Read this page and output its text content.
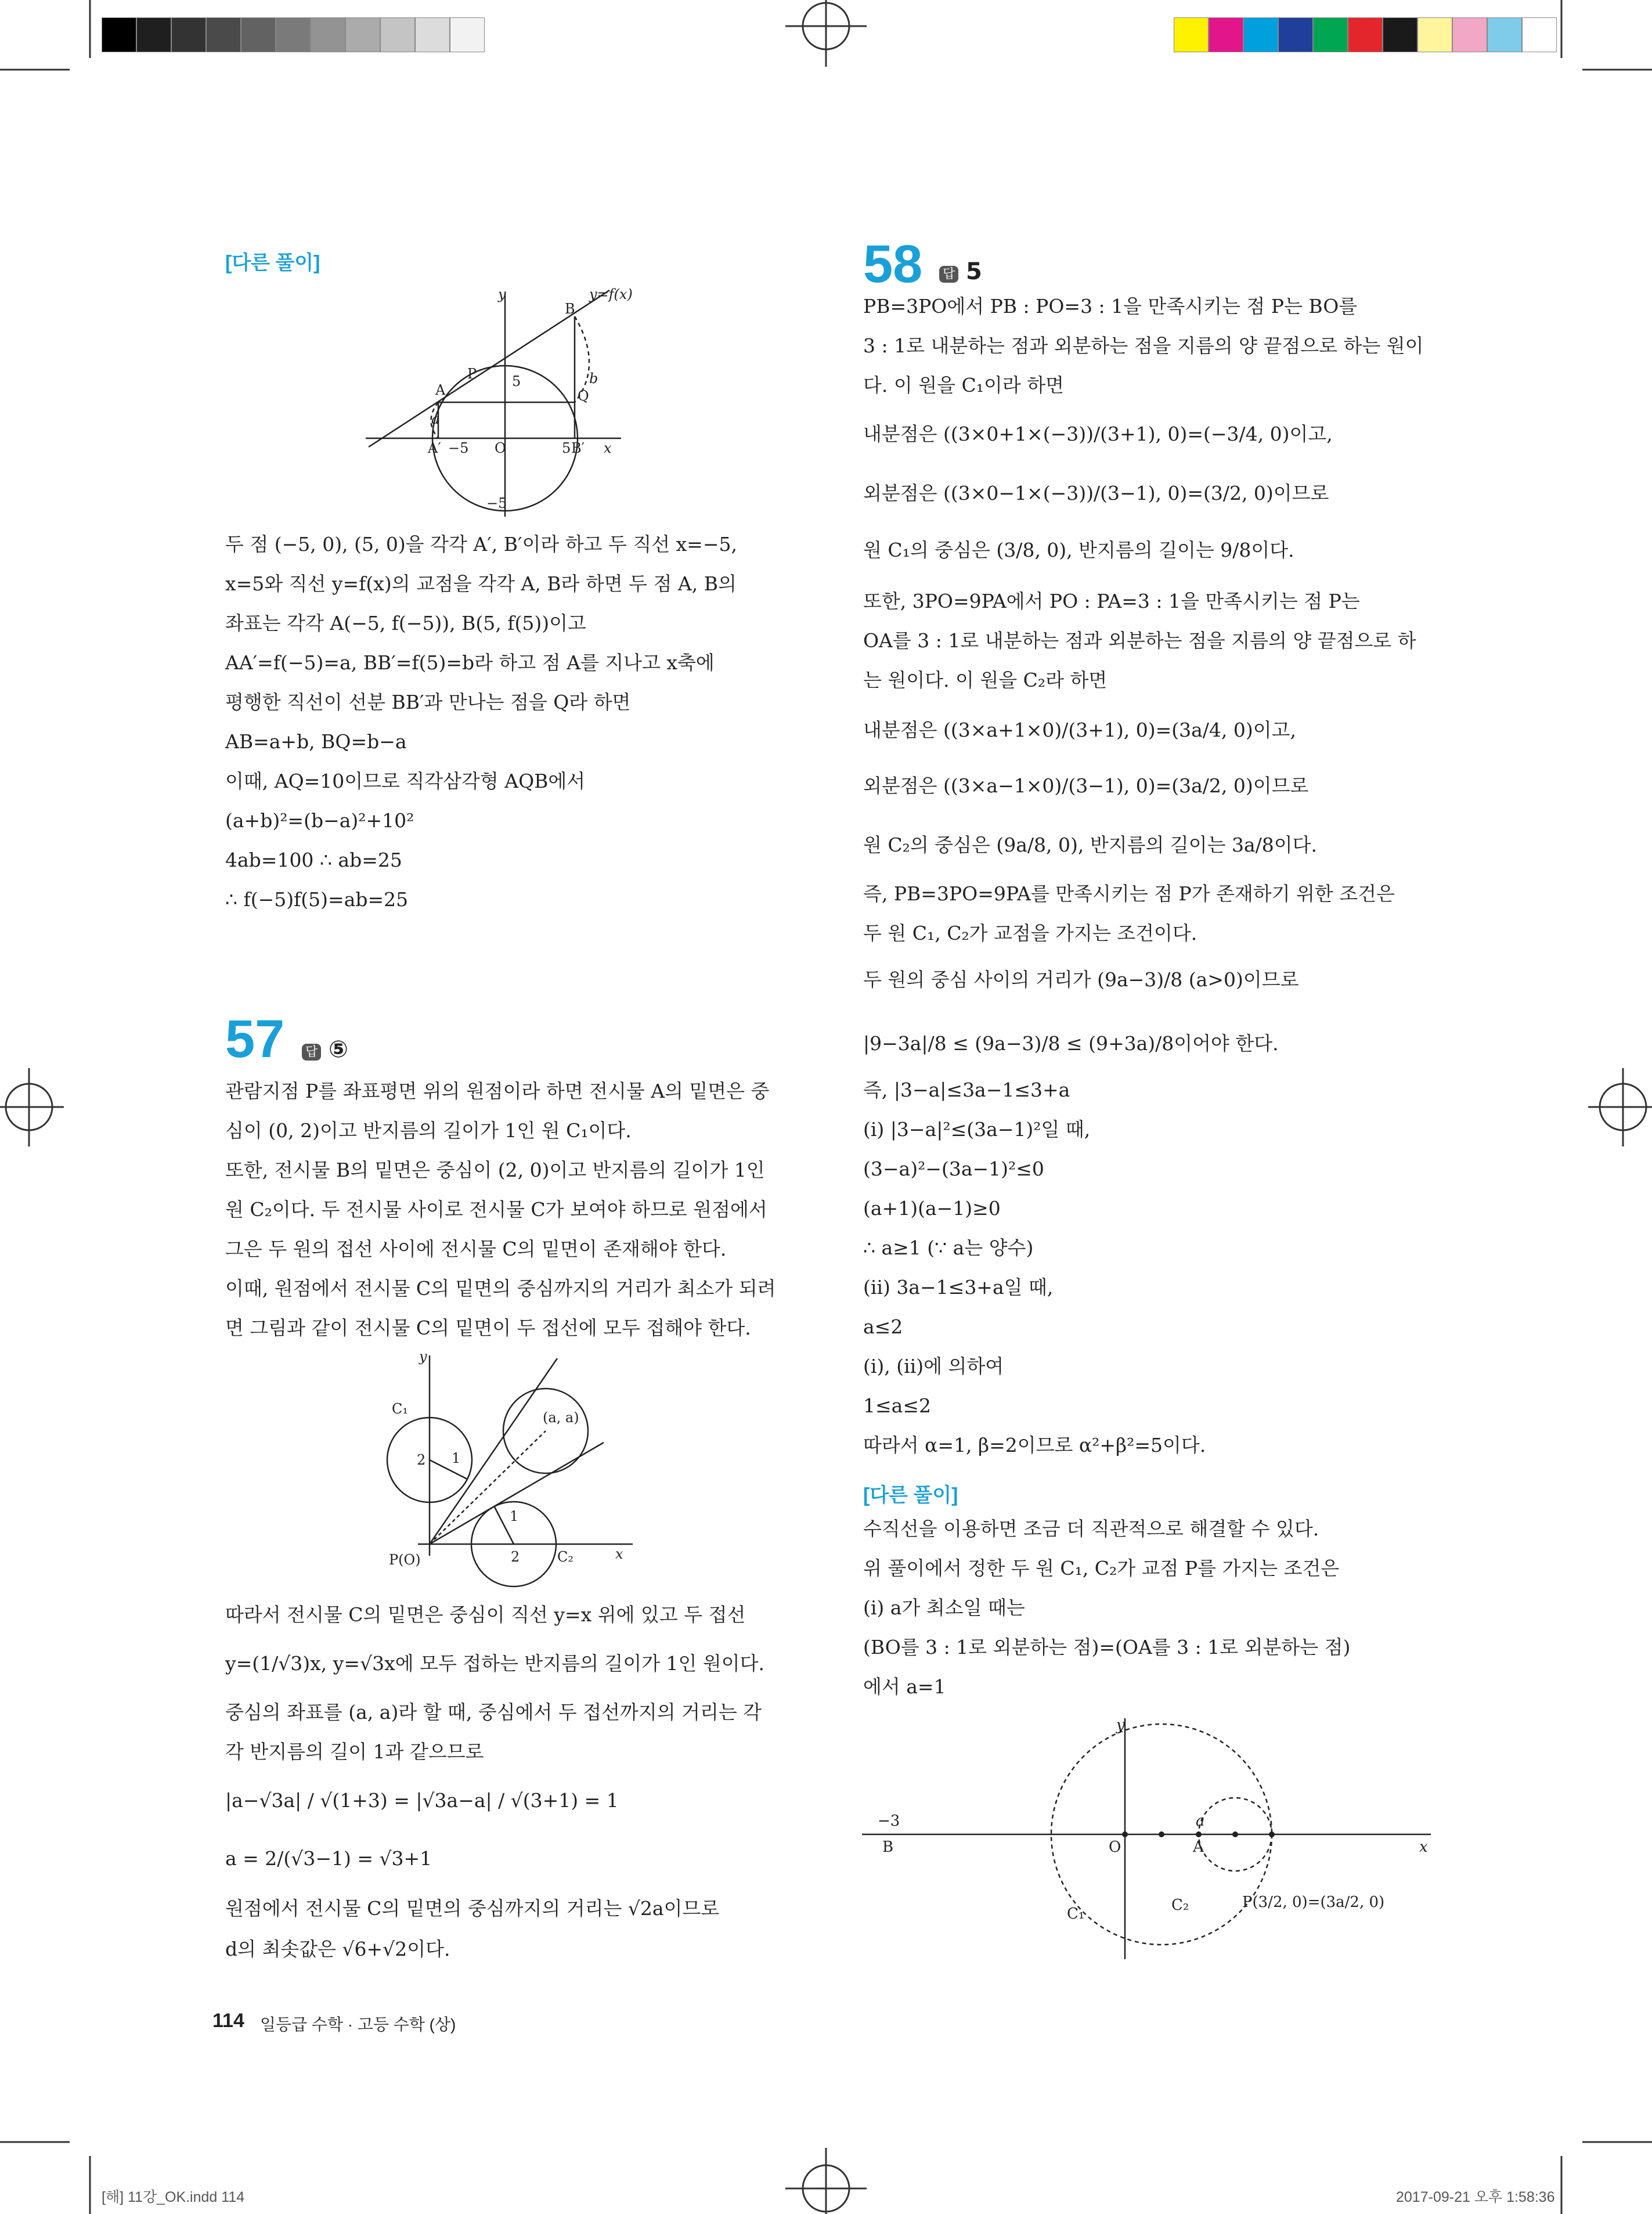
[다른 풀이]
y	y=f(x)
B
P
A	Q
a
b
5
A′ −5 O	5 B′ x
−5
두 점 (−5, 0), (5, 0)을 각각 A′, B′이라 하고 두 직선 x=−5,
x=5와 직선 y=f(x)의 교점을 각각 A, B라 하면 두 점 A, B의
좌표는 각각 A(−5, f(−5)), B(5, f(5))이고
AA′=f(−5)=a, BB′=f(5)=b라 하고 점 A를 지나고 x축에
평행한 직선이 선분 BB′과 만나는 점을 Q라 하면
AB=a+b, BQ=b−a
이때, AQ=10이므로 직각삼각형 AQB에서
(a+b)²=(b−a)²+10²
4ab=100 ∴ ab=25
∴ f(−5)f(5)=ab=25
57 답 ⑤
관람지점 P를 좌표평면 위의 원점이라 하면 전시물 A의 밑면은 중
심이 (0, 2)이고 반지름의 길이가 1인 원 C₁이다.
또한, 전시물 B의 밑면은 중심이 (2, 0)이고 반지름의 길이가 1인
원 C₂이다. 두 전시물 사이로 전시물 C가 보여야 하므로 원점에서
그은 두 원의 접선 사이에 전시물 C의 밑면이 존재해야 한다.
이때, 원점에서 전시물 C의 밑면의 중심까지의 거리가 최소가 되려
면 그림과 같이 전시물 C의 밑면이 두 접선에 모두 접해야 한다.
y
C₁
(a, a)
2 1
1
P(O)	2	C₂	x
따라서 전시물 C의 밑면은 중심이 직선 y=x 위에 있고 두 접선
y=(1/√3)x, y=√3x에 모두 접하는 반지름의 길이가 1인 원이다.
중심의 좌표를 (a, a)라 할 때, 중심에서 두 접선까지의 거리는 각
각 반지름의 길이 1과 같으므로
|a−√3a| / √(1+3) = |√3a−a| / √(3+1) = 1
a = 2/(√3−1) = √3+1
원점에서 전시물 C의 밑면의 중심까지의 거리는 √2a이므로
d의 최솟값은 √6+√2이다.
58 답 5
PB=3PO에서 PB : PO=3 : 1을 만족시키는 점 P는 BO를
3 : 1로 내분하는 점과 외분하는 점을 지름의 양 끝점으로 하는 원이
다. 이 원을 C₁이라 하면
내분점은 ((3×0+1×(−3))/(3+1), 0)=(−3/4, 0)이고,
외분점은 ((3×0−1×(−3))/(3−1), 0)=(3/2, 0)이므로
원 C₁의 중심은 (3/8, 0), 반지름의 길이는 9/8이다.
또한, 3PO=9PA에서 PO : PA=3 : 1을 만족시키는 점 P는
OA를 3 : 1로 내분하는 점과 외분하는 점을 지름의 양 끝점으로 하
는 원이다. 이 원을 C₂라 하면
내분점은 ((3×a+1×0)/(3+1), 0)=(3a/4, 0)이고,
외분점은 ((3×a−1×0)/(3−1), 0)=(3a/2, 0)이므로
원 C₂의 중심은 (9a/8, 0), 반지름의 길이는 3a/8이다.
즉, PB=3PO=9PA를 만족시키는 점 P가 존재하기 위한 조건은
두 원 C₁, C₂가 교점을 가지는 조건이다.
두 원의 중심 사이의 거리가 (9a−3)/8 (a>0)이므로
|9−3a|/8 ≤ (9a−3)/8 ≤ (9+3a)/8이어야 한다.
즉, |3−a|≤3a−1≤3+a
(ⅰ) |3−a|²≤(3a−1)²일 때,
(3−a)²−(3a−1)²≤0
(a+1)(a−1)≥0
∴ a≥1 (∵ a는 양수)
(ⅱ) 3a−1≤3+a일 때,
a≤2
(ⅰ), (ⅱ)에 의하여
1≤a≤2
따라서 α=1, β=2이므로 α²+β²=5이다.
[다른 풀이]
수직선을 이용하면 조금 더 직관적으로 해결할 수 있다.
위 풀이에서 정한 두 원 C₁, C₂가 교점 P를 가지는 조건은
(ⅰ) a가 최소일 때는
(BO를 3 : 1로 외분하는 점)=(OA를 3 : 1로 외분하는 점)
에서 a=1
y
−3
B	O
a
A	x
C₁	C₂	P(3/2, 0)=(3a/2, 0)
114 일등급 수학 · 고등 수학 (상)
[해] 11강_OK.indd 114	2017-09-21 오후 1:58:36
